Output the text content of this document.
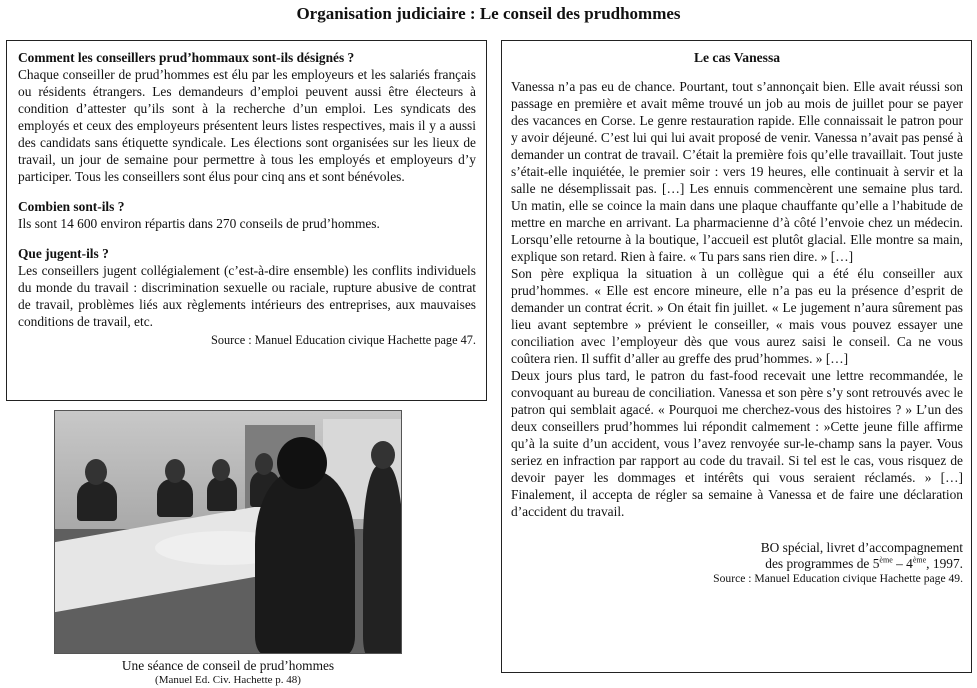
Organisation judiciaire : Le conseil des prudhommes

Comment les conseillers prud’hommaux sont-ils désignés ?

Chaque conseiller de prud’hommes est élu par les employeurs et les salariés français ou résidents étrangers. Les demandeurs d’emploi peuvent aussi être électeurs à condition d’attester qu’ils sont à la recherche d’un emploi. Les syndicats des employés et ceux des employeurs présentent leurs listes respectives, mais il y a aussi des candidats sans étiquette syndicale. Les élections sont organisées sur les lieux de travail, un jour de semaine pour permettre à tous les employés et employeurs d’y participer. Tous les conseillers sont élus pour cinq ans et sont bénévoles.

Combien sont-ils ?

Ils sont 14 600 environ répartis dans 270 conseils de prud’hommes.

Que jugent-ils ?

Les conseillers jugent collégialement (c’est-à-dire ensemble) les conflits individuels du monde du travail : discrimination sexuelle ou raciale, rupture abusive de contrat de travail, problèmes liés aux règlements intérieurs des entreprises, aux mauvaises conditions de travail, etc.

Source : Manuel Education civique Hachette page 47.
Une séance de conseil de prud’hommes
(Manuel Ed. Civ. Hachette p. 48)

Le cas Vanessa

Vanessa n’a pas eu de chance. Pourtant, tout s’annonçait bien. Elle avait réussi son passage en première et avait même trouvé un job au mois de juillet pour se payer des vacances en Corse. Le genre restauration rapide. Elle connaissait le patron pour y avoir déjeuné. C’est lui qui lui avait proposé de venir. Vanessa n’avait pas pensé à demander un contrat de travail. C’était la première fois qu’elle travaillait. Tout juste s’était-elle inquiétée, le premier soir : vers 19 heures, elle continuait à servir et la salle ne désemplissait pas. […] Les ennuis commencèrent une semaine plus tard. Un matin, elle se coince la main dans une plaque chauffante qu’elle a l’habitude de mettre en marche en arrivant. La pharmacienne d’à côté l’envoie chez un médecin. Lorsqu’elle retourne à la boutique, l’accueil est plutôt glacial. Elle montre sa main, explique son retard. Rien à faire. « Tu pars sans rien dire. » […]

Son père expliqua la situation à un collègue qui a été élu conseiller aux prud’hommes. « Elle est encore mineure, elle n’a pas eu la présence d’esprit de demander un contrat écrit. » On était fin juillet. « Le jugement n’aura sûrement pas lieu avant septembre » prévient le conseiller, « mais vous pouvez essayer une conciliation avec l’employeur dès que vous aurez saisi le conseil. Ca ne vous coûtera rien. Il suffit d’aller au greffe des prud’hommes. » […]

Deux jours plus tard, le patron du fast-food recevait une lettre recommandée, le convoquant au bureau de conciliation. Vanessa et son père s’y sont retrouvés avec le patron qui semblait agacé. « Pourquoi me cherchez-vous des histoires ? » L’un des deux conseillers prud’hommes lui répondit calmement : »Cette jeune fille affirme qu’à la suite d’un accident, vous l’avez renvoyée sur-le-champ sans la payer. Vous seriez en infraction par rapport au code du travail. Si tel est le cas, vous risquez de devoir payer les dommages et intérêts qui vous seraient réclamés. » […] Finalement, il accepta de régler sa semaine à Vanessa et de faire une déclaration d’accident du travail.

BO spécial, livret d’accompagnement
des programmes de 5ème – 4ème, 1997.
Source : Manuel Education civique Hachette page 49.
